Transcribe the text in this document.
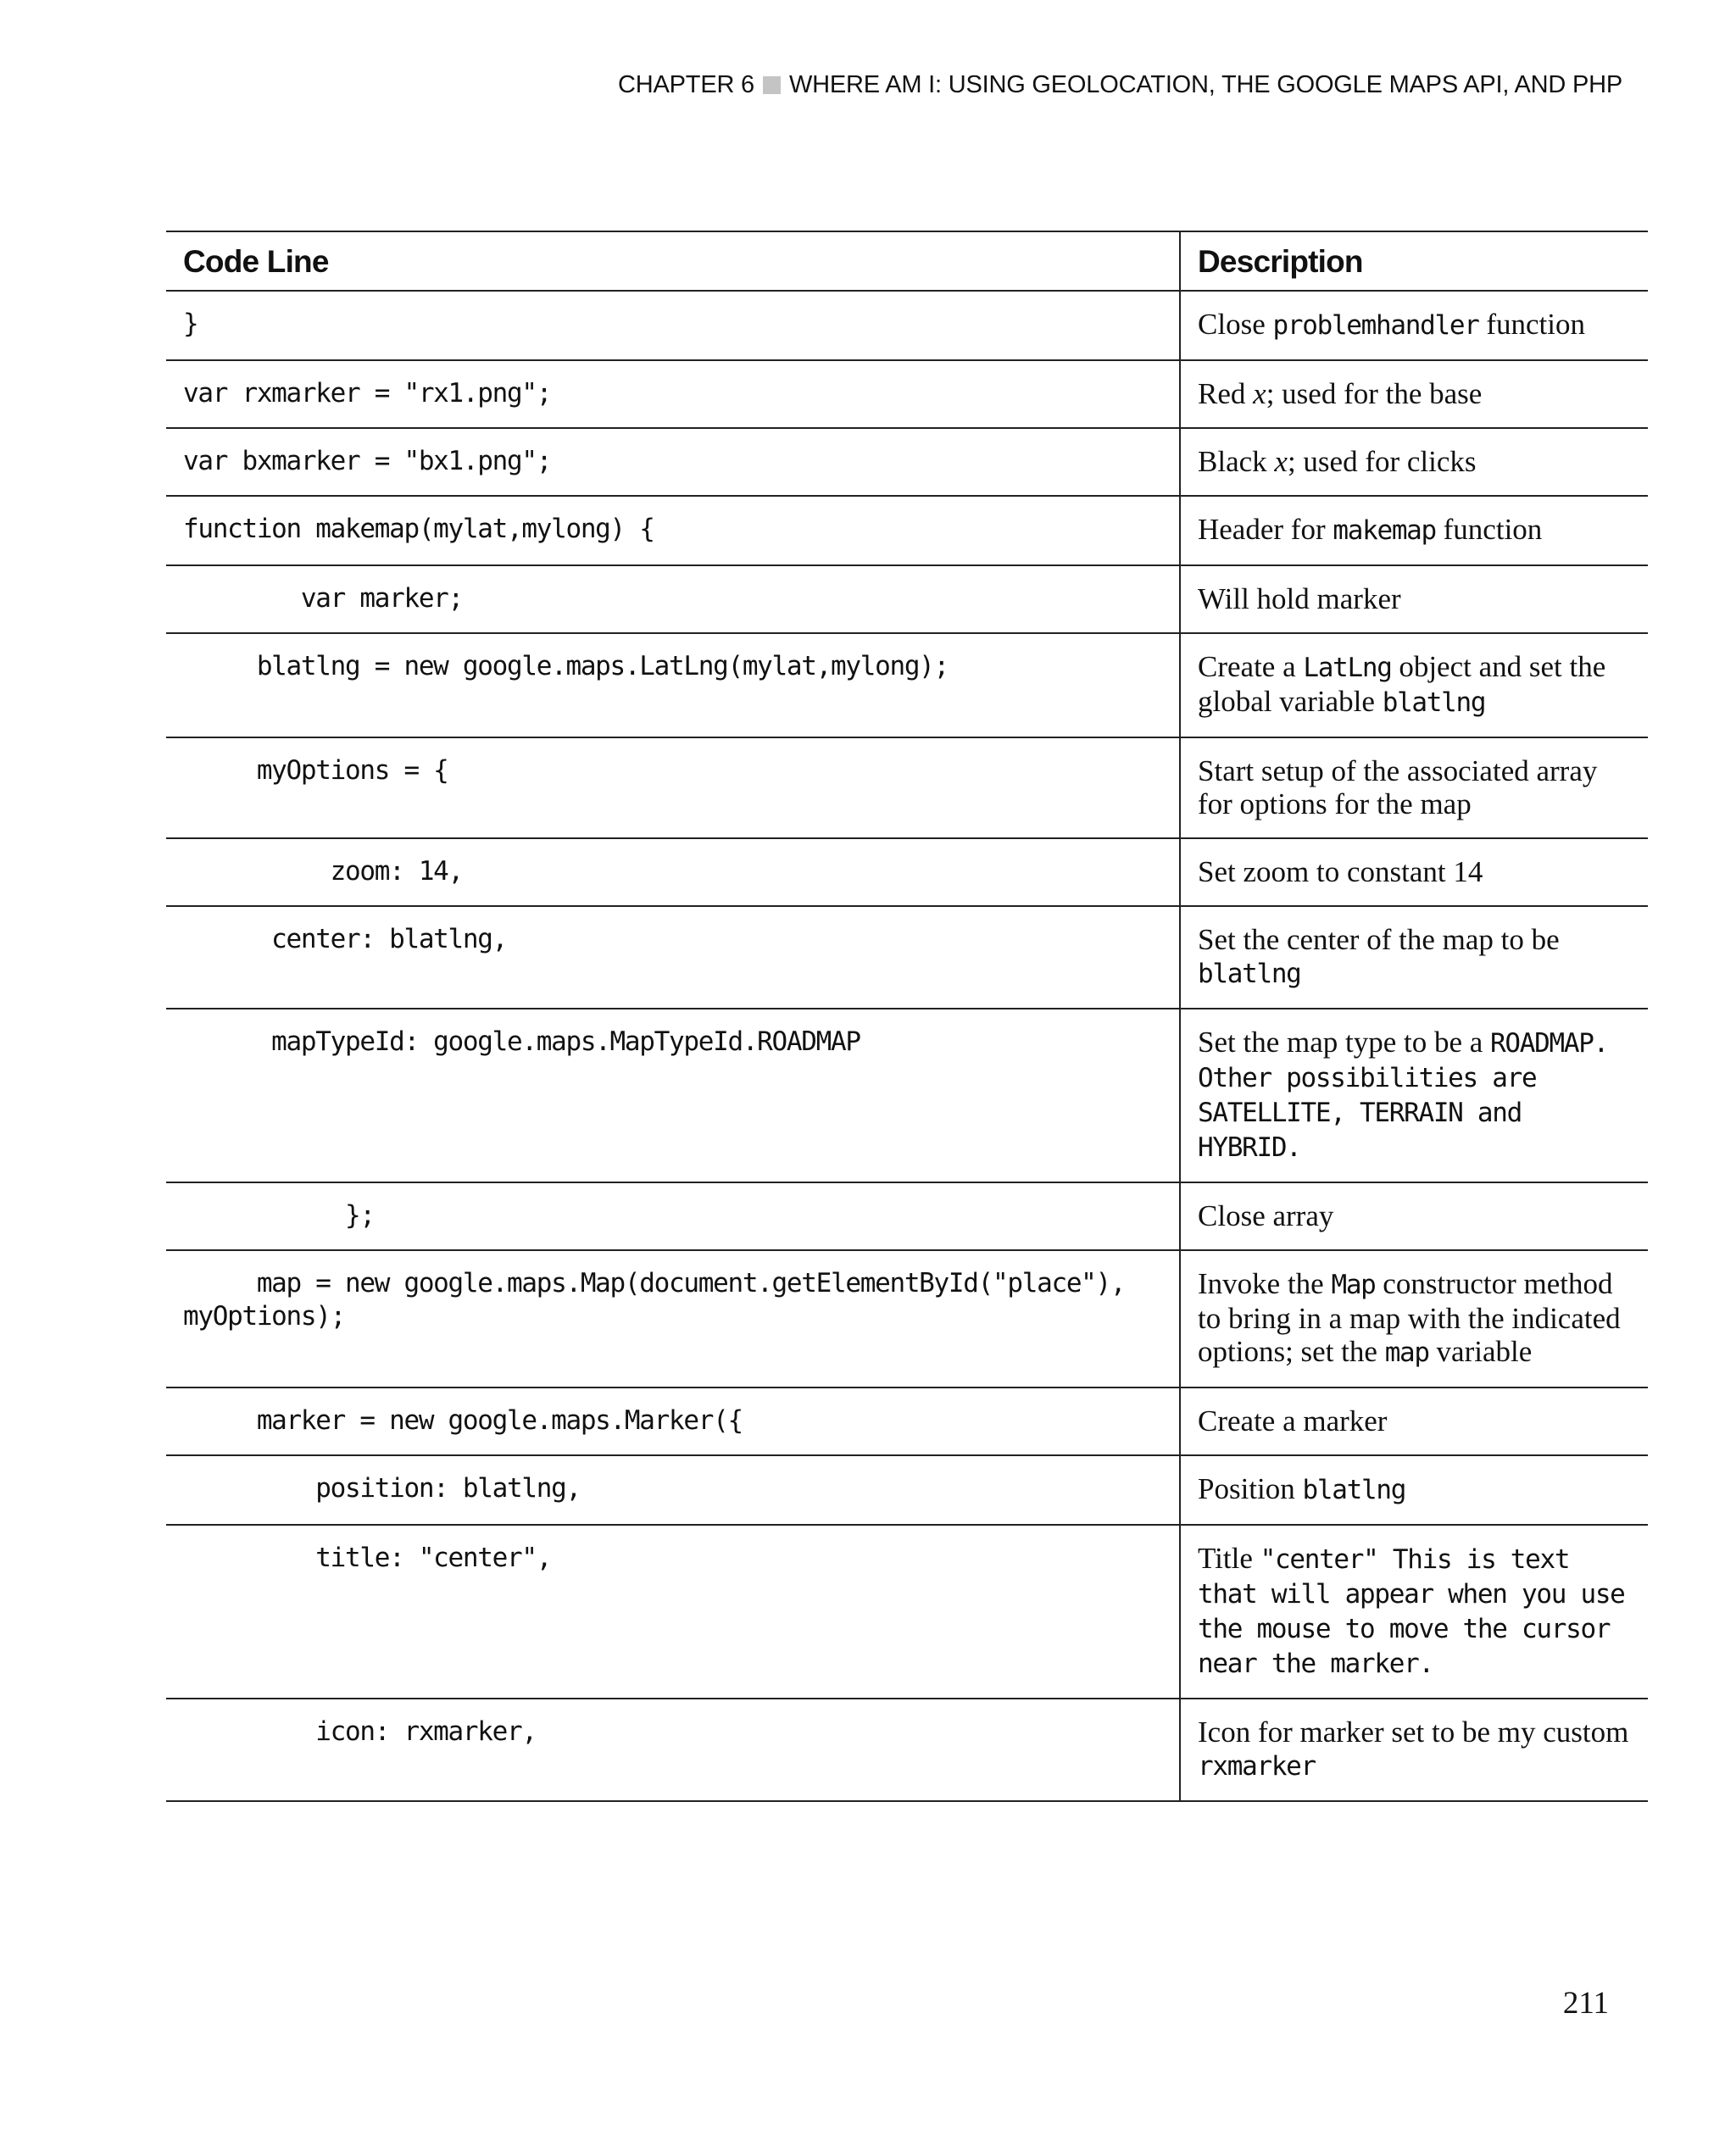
CHAPTER 6 WHERE AM I: USING GEOLOCATION, THE GOOGLE MAPS API, AND PHP
Code Line	Description

}	Close problemhandler function

var rxmarker = "rx1.png";	Red x; used for the base

var bxmarker = "bx1.png";	Black x; used for clicks

function makemap(mylat,mylong) {	Header for makemap function

var marker;	Will hold marker

blatlng = new google.maps.LatLng(mylat,mylong);	Create a LatLng object and set the global variable blatlng

myOptions = {	Start setup of the associated array for options for the map

zoom: 14,	Set zoom to constant 14

center: blatlng,	Set the center of the map to be blatlng

mapTypeId: google.maps.MapTypeId.ROADMAP	Set the map type to be a ROADMAP. Other possibilities are SATELLITE, TERRAIN and HYBRID.

};	Close array

map = new google.maps.Map(document.getElementById("place"),
myOptions);	Invoke the Map constructor method to bring in a map with the indicated options; set the map variable

marker = new google.maps.Marker({	Create a marker

position: blatlng,	Position blatlng

title: "center",	Title "center" This is text that will appear when you use the mouse to move the cursor near the marker.

icon: rxmarker,	Icon for marker set to be my custom rxmarker
211
